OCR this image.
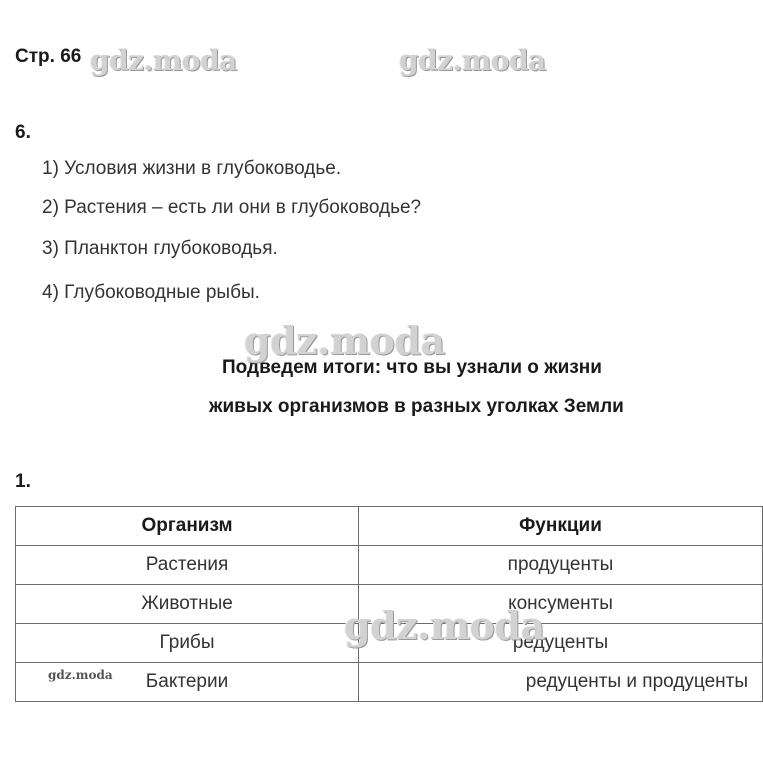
Стр. 66
6.
1) Условия жизни в глубоководье.
2) Растения – есть ли они в глубоководье?
3) Планктон глубоководья.
4) Глубоководные рыбы.
Подведем итоги: что вы узнали о жизни
живых организмов в разных уголках Земли
1.
Организм	Функции
Растения	продуценты
Животные	консументы
Грибы	редуценты
Бактерии	редуценты и продуценты
gdz.moda	gdz.moda
gdz.moda
gdz.moda
gdz.moda
